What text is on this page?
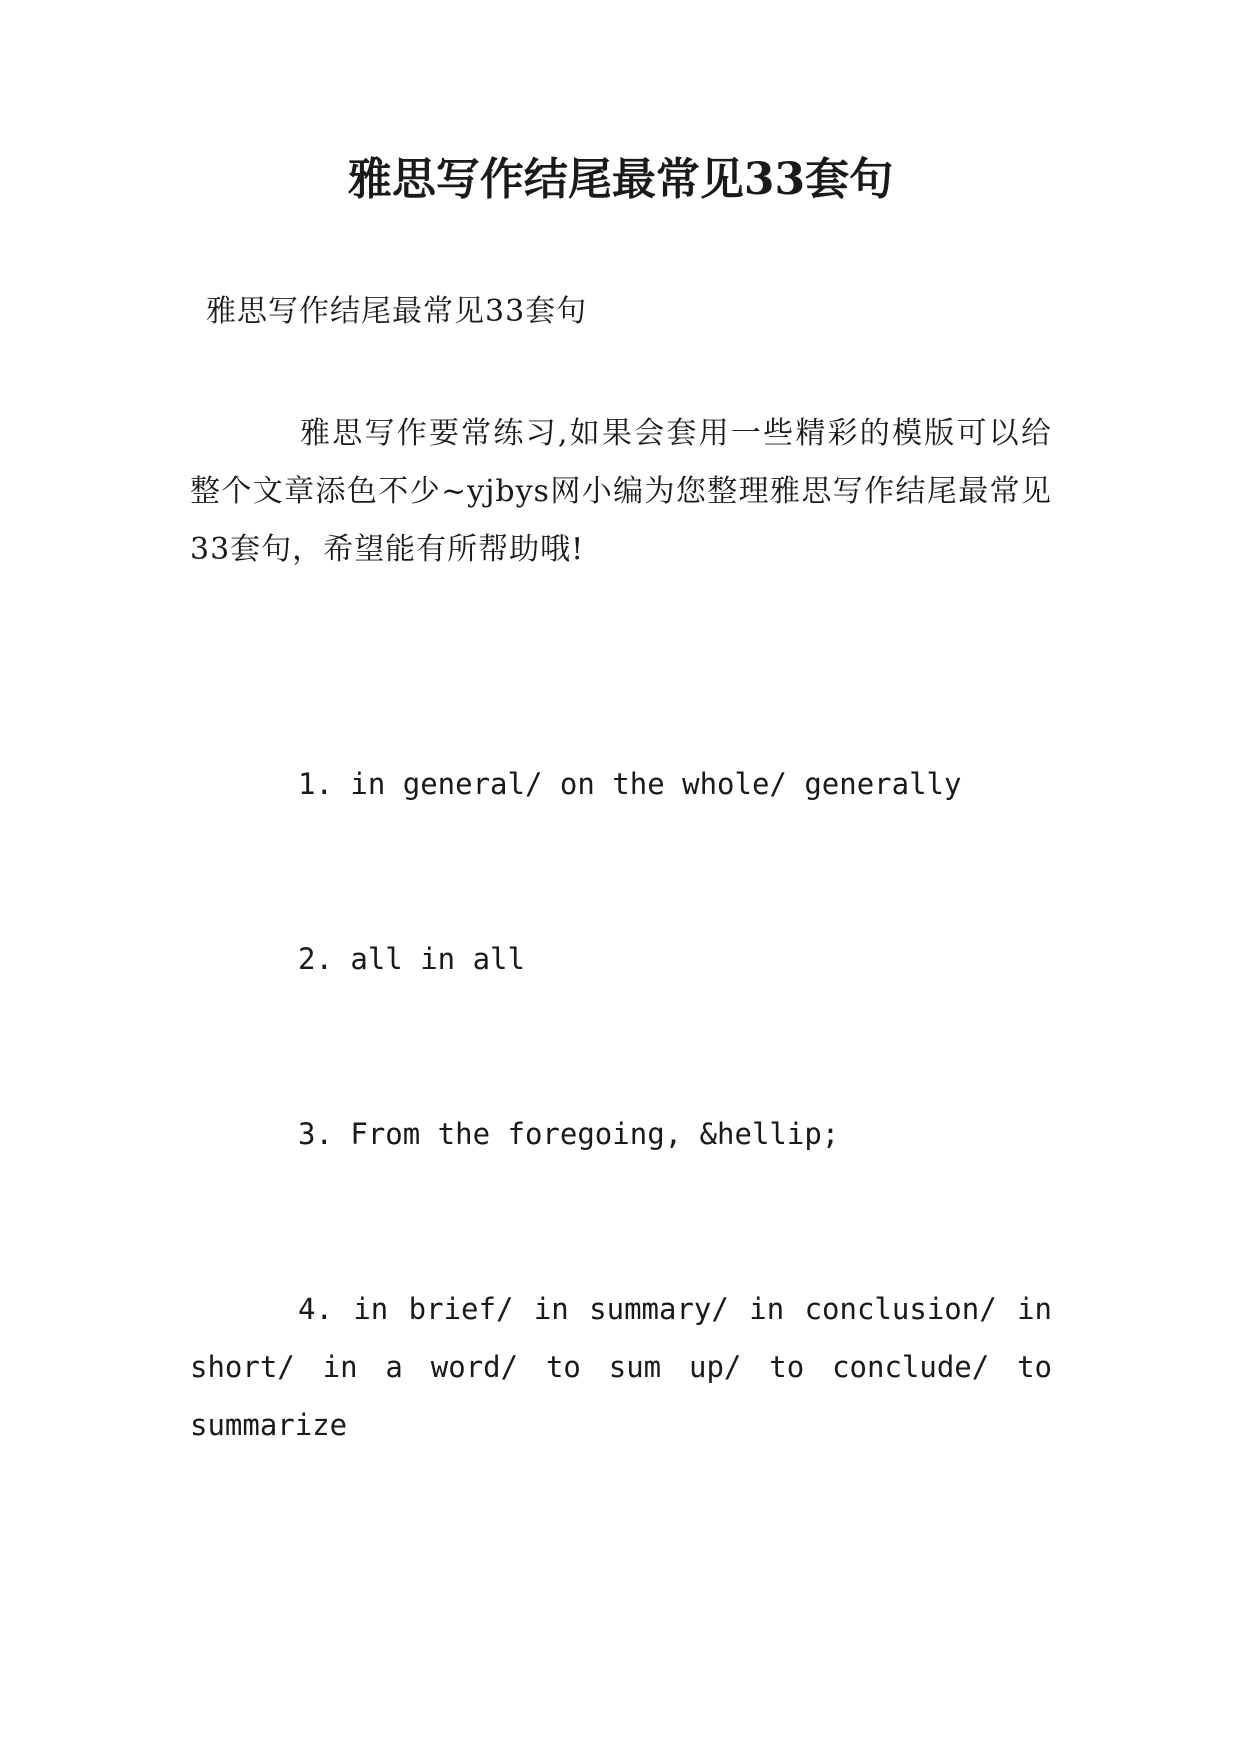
雅思写作结尾最常见33套句
雅思写作结尾最常见33套句
雅思写作要常练习,如果会套用一些精彩的模版可以给整个文章添色不少~yjbys网小编为您整理雅思写作结尾最常见33套句，希望能有所帮助哦!
1. in general/ on the whole/ generally
2. all in all
3. From the foregoing, &hellip;
4. in brief/ in summary/ in conclusion/ in short/ in a word/ to sum up/ to conclude/ to summarize
